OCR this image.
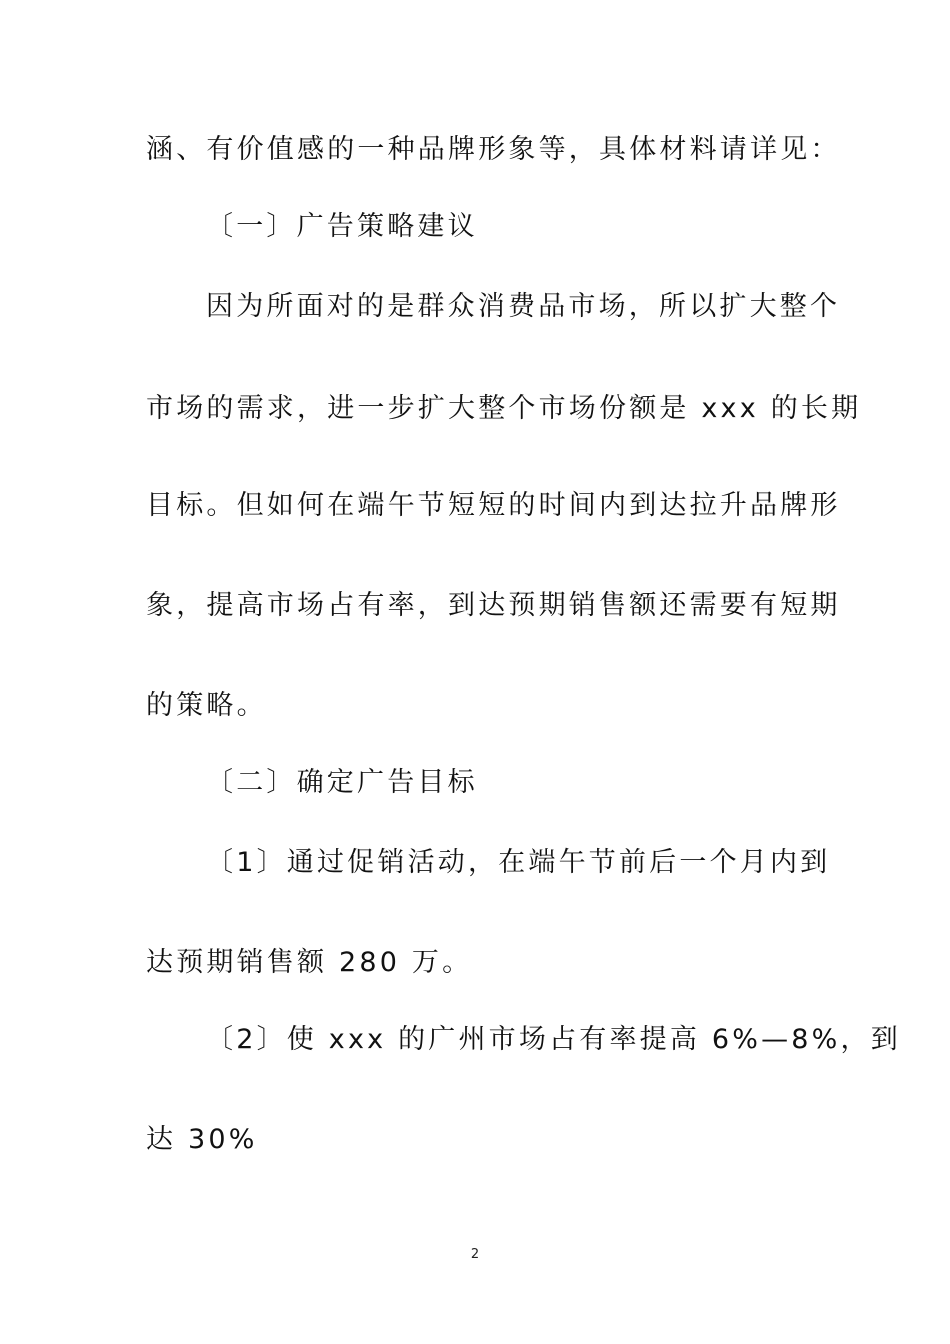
涵、有价值感的一种品牌形象等，具体材料请详见：
〔一〕广告策略建议
因为所面对的是群众消费品市场，所以扩大整个
市场的需求，进一步扩大整个市场份额是 xxx 的长期
目标。但如何在端午节短短的时间内到达拉升品牌形
象，提高市场占有率，到达预期销售额还需要有短期
的策略。
〔二〕确定广告目标
〔1〕通过促销活动，在端午节前后一个月内到
达预期销售额 280 万。
〔2〕使 xxx 的广州市场占有率提高 6%—8%，到
达 30%
2
